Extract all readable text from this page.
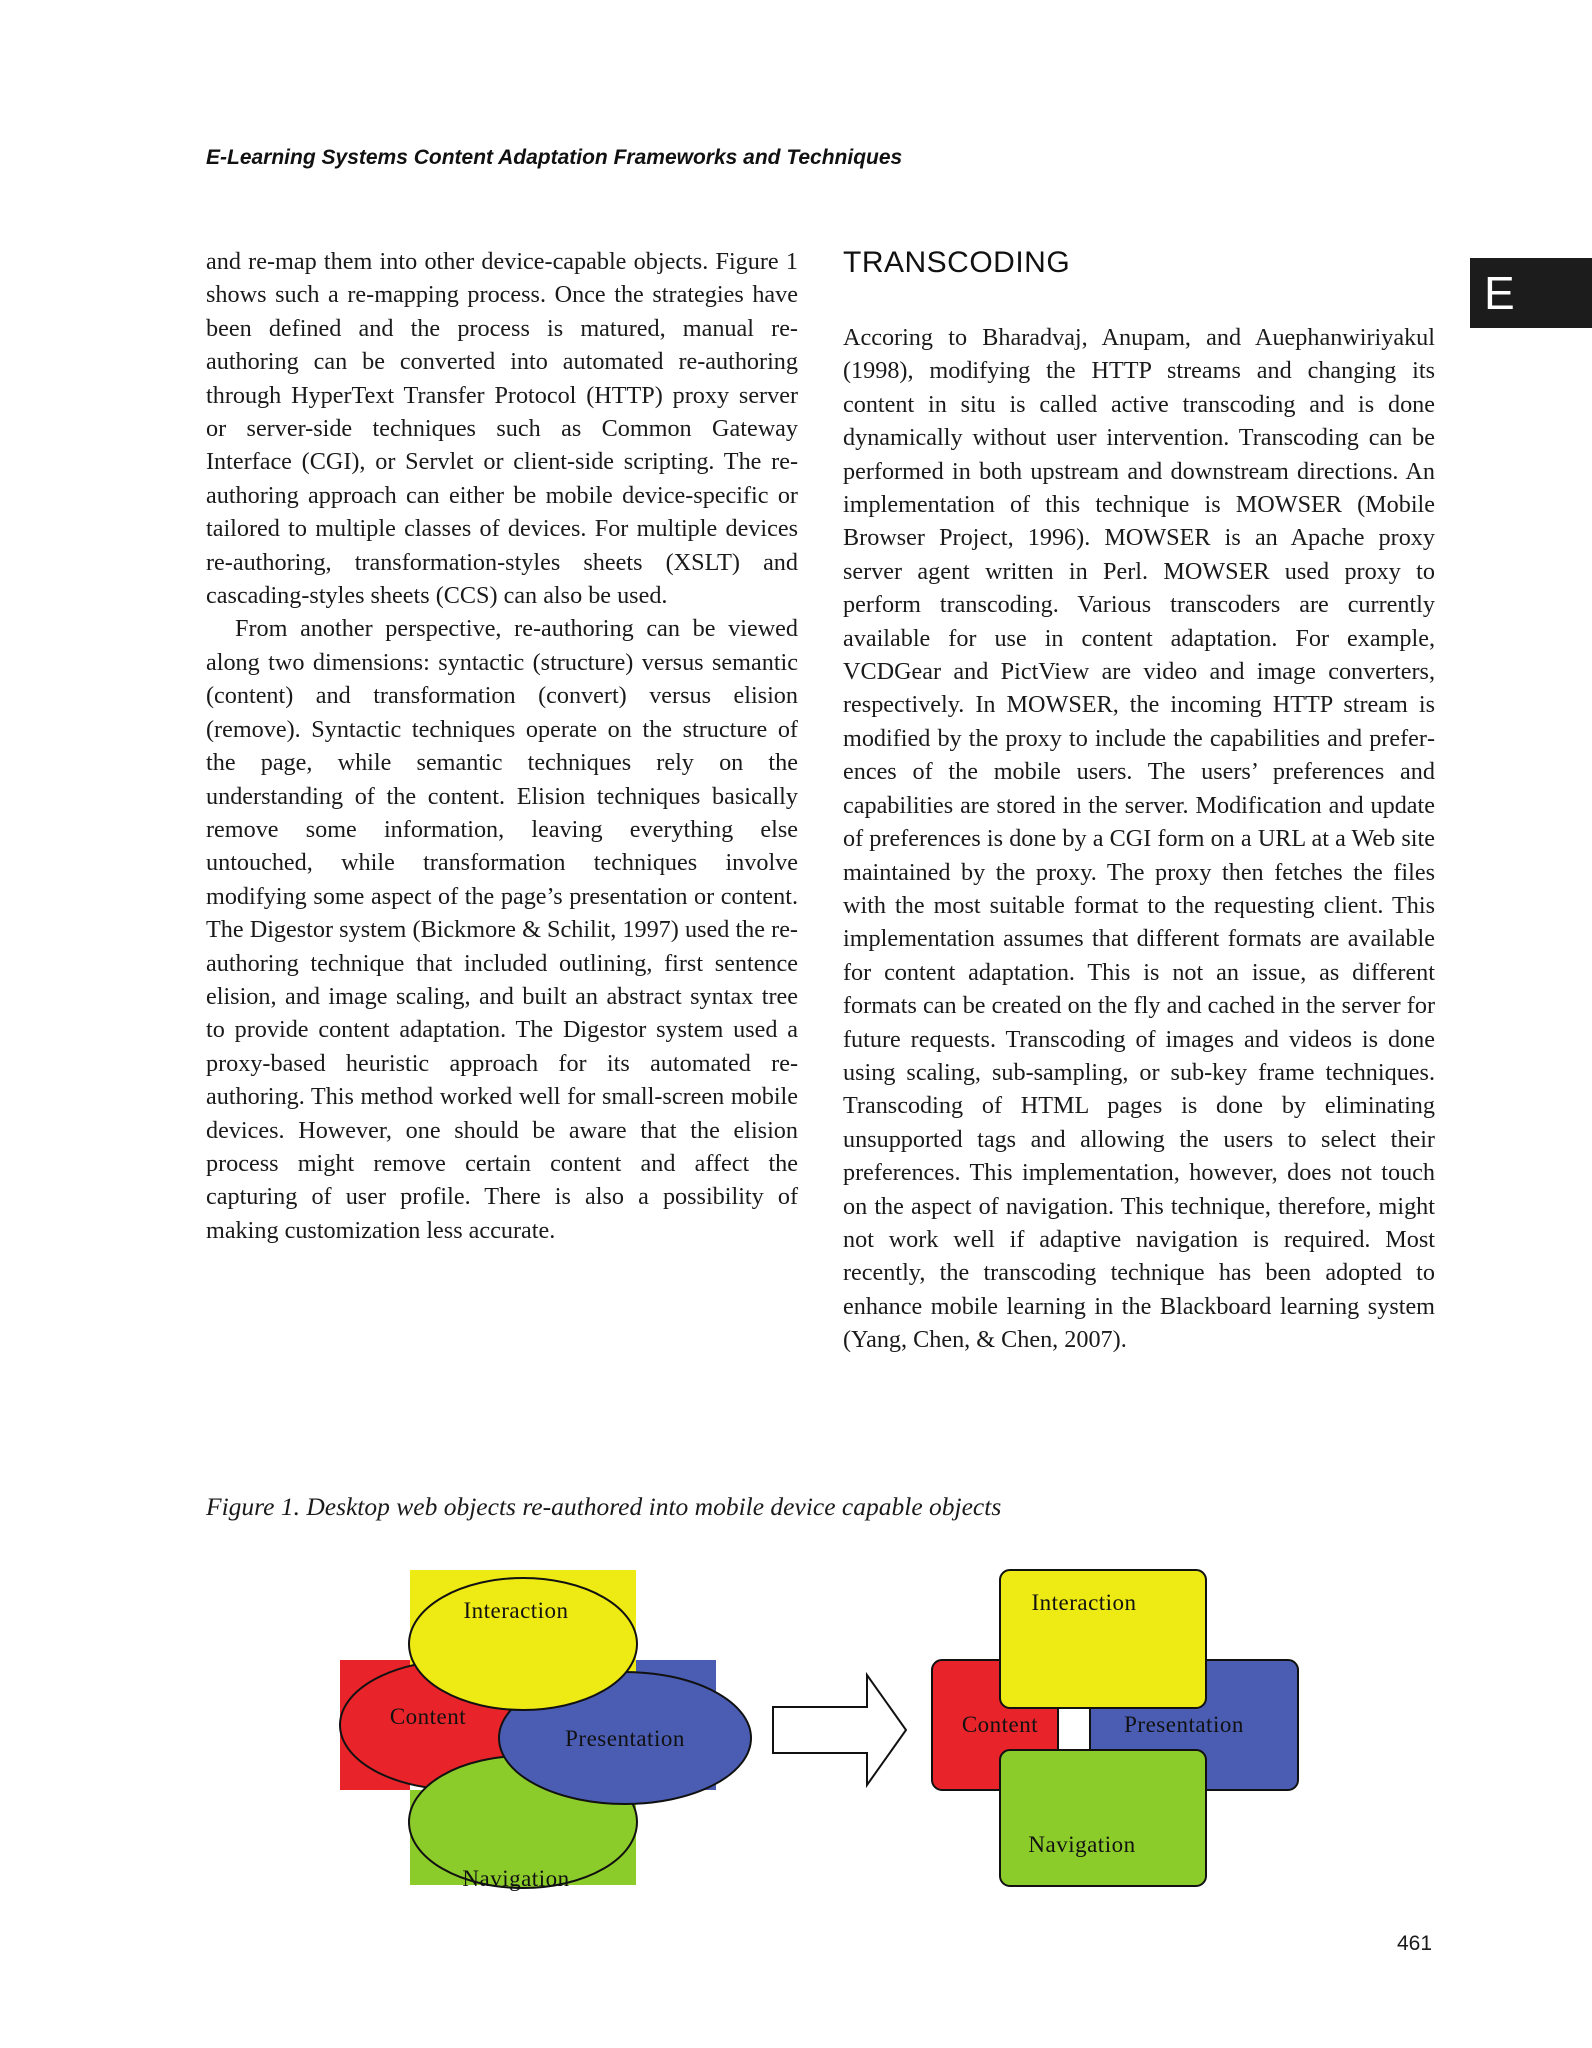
E-Learning Systems Content Adaptation Frameworks and Techniques
E

and re-map them into other device-capable objects. Figure 1 shows such a re-mapping process. Once the strategies have been defined and the process is matured, manual re-authoring can be converted into automated re-authoring through HyperText Transfer Protocol (HTTP) proxy server or server-side techniques such as Common Gateway Interface (CGI), or Servlet or client-side scripting. The re-authoring approach can either be mobile device-specific or tailored to multiple classes of devices. For multiple devices re-authoring, transformation-styles sheets (XSLT) and cascading-styles sheets (CCS) can also be used.

From another perspective, re-authoring can be viewed along two dimensions: syntactic (structure) versus semantic (content) and transformation (convert) versus elision (remove). Syntactic techniques operate on the structure of the page, while semantic techniques rely on the understanding of the content. Elision techniques basically remove some information, leaving everything else untouched, while transformation techniques involve modifying some aspect of the page’s presentation or content. The Digestor system (Bickmore & Schilit, 1997) used the re-authoring technique that included outlining, first sentence elision, and image scaling, and built an abstract syntax tree to provide content adaptation. The Digestor system used a proxy-based heuristic approach for its automated reauthoring. This method worked well for small-screen mobile devices. However, one should be aware that the elision process might remove certain content and affect the capturing of user profile. There is also a possibility of making customization less accurate.

TRANSCODING

Accoring to Bharadvaj, Anupam, and Auephanwiriyakul (1998), modifying the HTTP streams and changing its content in situ is called active transcoding and is done dynamically without user intervention. Transcoding can be performed in both upstream and downstream directions. An implementation of this technique is MOWSER (Mobile Browser Project, 1996). MOWSER is an Apache proxy server agent written in Perl. MOWSER used proxy to perform transcoding. Various transcoders are currently available for use in content adaptation. For example, VCDGear and PictView are video and image converters, respectively. In MOWSER, the incoming HTTP stream is modified by the proxy to include the capabilities and preferences of the mobile users. The users’ preferences and capabilities are stored in the server. Modification and update of preferences is done by a CGI form on a URL at a Web site maintained by the proxy. The proxy then fetches the files with the most suitable format to the requesting client. This implementation assumes that different formats are available for content adaptation. This is not an issue, as different formats can be created on the fly and cached in the server for future requests. Transcoding of images and videos is done using scaling, sub-sampling, or sub-key frame techniques. Transcoding of HTML pages is done by eliminating unsupported tags and allowing the users to select their preferences. This implementation, however, does not touch on the aspect of navigation. This technique, therefore, might not work well if adaptive navigation is required. Most recently, the transcoding technique has been adopted to enhance mobile learning in the Blackboard learning system (Yang, Chen, & Chen, 2007).

Figure 1. Desktop web objects re-authored into mobile device capable objects
Interaction
Content
Presentation
Navigation
Interaction
Content	Presentation
Navigation
461
